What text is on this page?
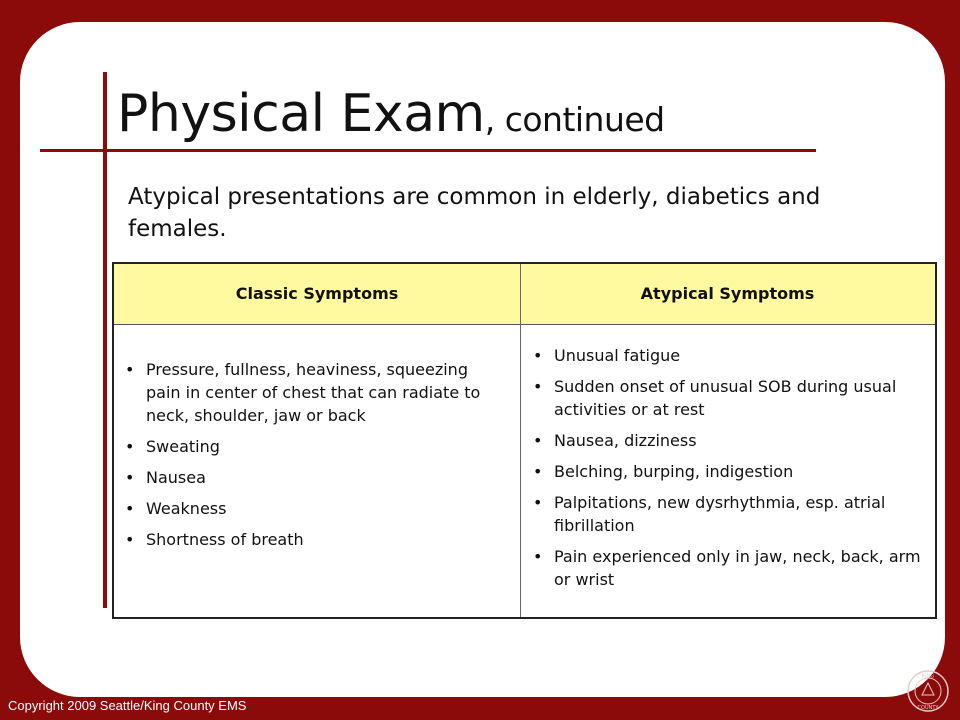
Physical Exam, continued
Atypical presentations are common in elderly, diabetics and females.
Classic Symptoms	Atypical Symptoms
• Pressure, fullness, heaviness, squeezing pain in center of chest that can radiate to neck, shoulder, jaw or back
• Sweating
• Nausea
• Weakness
• Shortness of breath
• Unusual fatigue
• Sudden onset of unusual SOB during usual activities or at rest
• Nausea, dizziness
• Belching, burping, indigestion
• Palpitations, new dysrhythmia, esp. atrial fibrillation
• Pain experienced only in jaw, neck, back, arm or wrist
Copyright 2009 Seattle/King County EMS
KING
COUNTY
